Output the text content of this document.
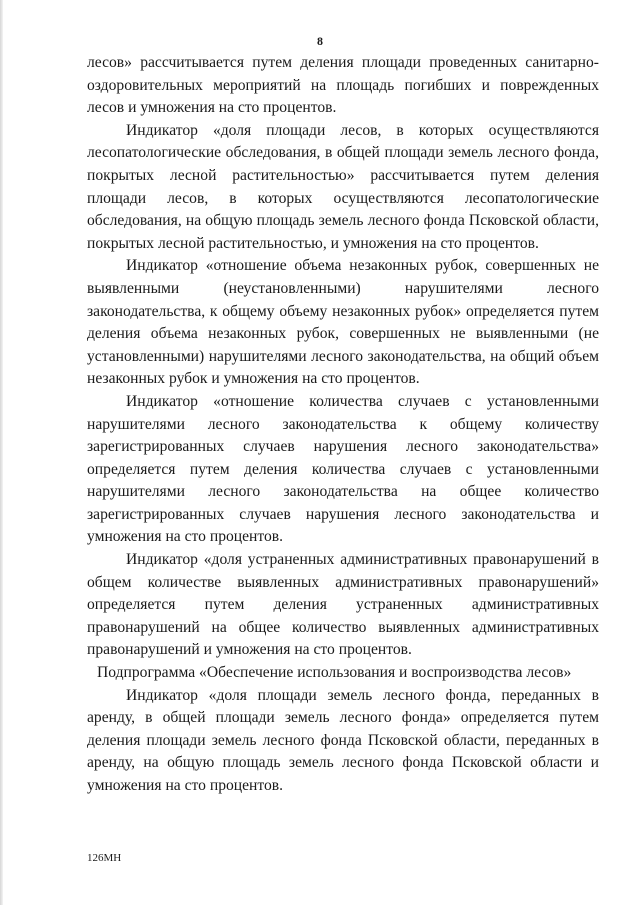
8

лесов» рассчитывается путем деления площади проведенных санитарно-оздоровительных мероприятий на площадь погибших и поврежденных лесов и умножения на сто процентов.

Индикатор «доля площади лесов, в которых осуществляются лесопатологические обследования, в общей площади земель лесного фонда, покрытых лесной растительностью» рассчитывается путем деления площади лесов, в которых осуществляются лесопатологические обследования, на общую площадь земель лесного фонда Псковской области, покрытых лесной растительностью, и умножения на сто процентов.

Индикатор «отношение объема незаконных рубок, совершенных не выявленными (неустановленными) нарушителями лесного законодательства, к общему объему незаконных рубок» определяется путем деления объема незаконных рубок, совершенных не выявленными (не установленными) нарушителями лесного законодательства, на общий объем незаконных рубок и умножения на сто процентов.

Индикатор «отношение количества случаев с установленными нарушителями лесного законодательства к общему количеству зарегистрированных случаев нарушения лесного законодательства» определяется путем деления количества случаев с установленными нарушителями лесного законодательства на общее количество зарегистрированных случаев нарушения лесного законодательства и умножения на сто процентов.

Индикатор «доля устраненных административных правонарушений в общем количестве выявленных административных правонарушений» определяется путем деления устраненных административных правонарушений на общее количество выявленных административных правонарушений и умножения на сто процентов.

Подпрограмма «Обеспечение использования и воспроизводства лесов»

Индикатор «доля площади земель лесного фонда, переданных в аренду, в общей площади земель лесного фонда» определяется путем деления площади земель лесного фонда Псковской области, переданных в аренду, на общую площадь земель лесного фонда Псковской области и умножения на сто процентов.

126МН
